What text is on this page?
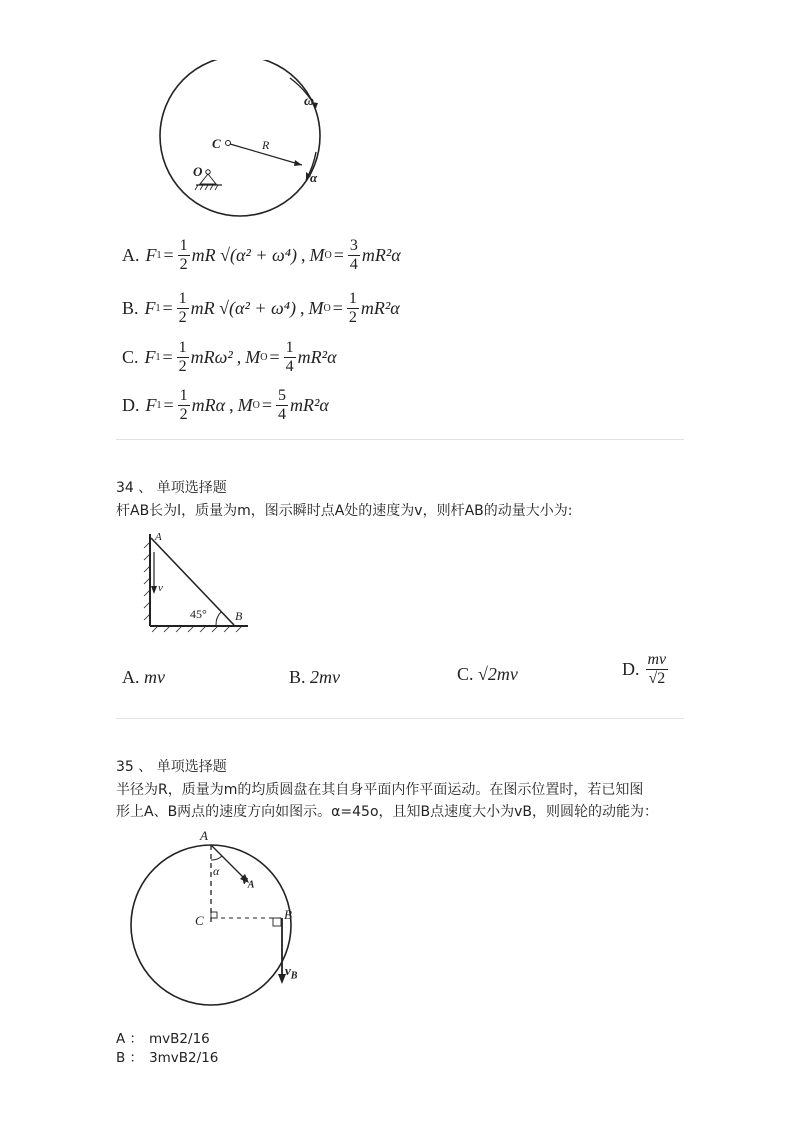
C	R
O
ω
α
A. F $1 = \frac{1}{2}$ mR √(α² + ω⁴) , M $O = \frac{3}{4} mR^2\alpha$
B. F $1 = \frac{1}{2}$ mR √(α² + ω⁴) , M $O = \frac{1}{2} mR^2\alpha$
C. F $1 = \frac{1}{2} mR\omega^2$ , M $O = \frac{1}{4} mR^2\alpha$
D. F $1 = \frac{1}{2}$ mRα , M $O = \frac{5}{4} mR^2\alpha$
34 、 单项选择题
杆AB长为l，质量为m，图示瞬时点A处的速度为v，则杆AB的动量大小为:
A
B
v
45°
A. mv	B. 2mv	C. √2mv	D. $\frac{mv}{√2}$
35 、 单项选择题
半径为R，质量为m的均质圆盘在其自身平面内作平面运动。在图示位置时，若已知图
形上A、B两点的速度方向如图示。α=45o，且知B点速度大小为vB，则圆轮的动能为：
A
α
$v_A$
C	B
$v_B$
A ： mvB2/16
B ： 3mvB2/16
